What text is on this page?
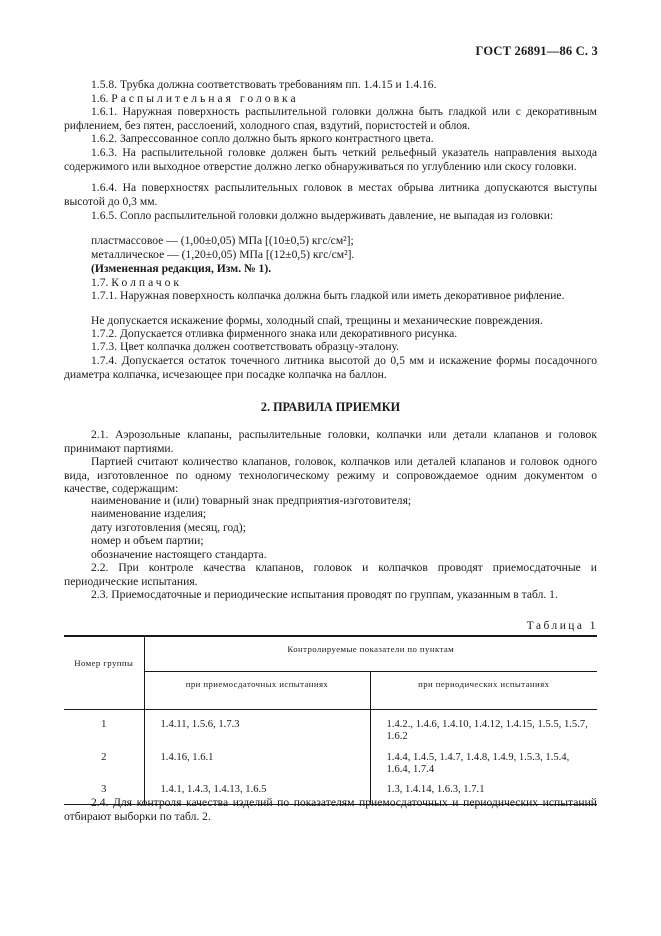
ГОСТ 26891—86 С. 3

1.5.8. Трубка должна соответствовать требованиям пп. 1.4.15 и 1.4.16.

1.6. Распылительная головка

1.6.1. Наружная поверхность распылительной головки должна быть гладкой или с декоративным рифлением, без пятен, расслоений, холодного спая, вздутий, пористостей и облоя.

1.6.2. Запрессованное сопло должно быть яркого контрастного цвета.

1.6.3. На распылительной головке должен быть четкий рельефный указатель направления выхода содержимого или выходное отверстие должно легко обнаруживаться по углублению или скосу головки.

1.6.4. На поверхностях распылительных головок в местах обрыва литника допускаются выступы высотой до 0,3 мм.

1.6.5. Сопло распылительной головки должно выдерживать давление, не выпадая из головки:

пластмассовое — (1,00±0,05) МПа [(10±0,5) кгс/см²];

металлическое — (1,20±0,05) МПа [(12±0,5) кгс/см²].

(Измененная редакция, Изм. № 1).

1.7. Колпачок

1.7.1. Наружная поверхность колпачка должна быть гладкой или иметь декоративное рифление.

Не допускается искажение формы, холодный спай, трещины и механические повреждения.

1.7.2. Допускается отливка фирменного знака или декоративного рисунка.

1.7.3. Цвет колпачка должен соответствовать образцу-эталону.

1.7.4. Допускается остаток точечного литника высотой до 0,5 мм и искажение формы посадочного диаметра колпачка, исчезающее при посадке колпачка на баллон.

2. ПРАВИЛА ПРИЕМКИ

2.1. Аэрозольные клапаны, распылительные головки, колпачки или детали клапанов и головок принимают партиями.

Партией считают количество клапанов, головок, колпачков или деталей клапанов и головок одного вида, изготовленное по одному технологическому режиму и сопровождаемое одним документом о качестве, содержащим:

наименование и (или) товарный знак предприятия-изготовителя;

наименование изделия;

дату изготовления (месяц, год);

номер и объем партии;

обозначение настоящего стандарта.

2.2. При контроле качества клапанов, головок и колпачков проводят приемосдаточные и периодические испытания.

2.3. Приемосдаточные и периодические испытания проводят по группам, указанным в табл. 1.

Таблица 1
Номер группы	Контролируемые показатели по пунктам	
	при приемосдаточных испытаниях	при периодических испытаниях
1	1.4.11, 1.5.6, 1.7.3	1.4.2., 1.4.6, 1.4.10, 1.4.12, 1.4.15, 1.5.5, 1.5.7, 1.6.2
2	1.4.16, 1.6.1	1.4.4, 1.4.5, 1.4.7, 1.4.8, 1.4.9, 1.5.3, 1.5.4, 1.6.4, 1.7.4
3	1.4.1, 1.4.3, 1.4.13, 1.6.5	1.3, 1.4.14, 1.6.3, 1.7.1

2.4. Для контроля качества изделий по показателям приемосдаточных и периодических испытаний отбирают выборки по табл. 2.
